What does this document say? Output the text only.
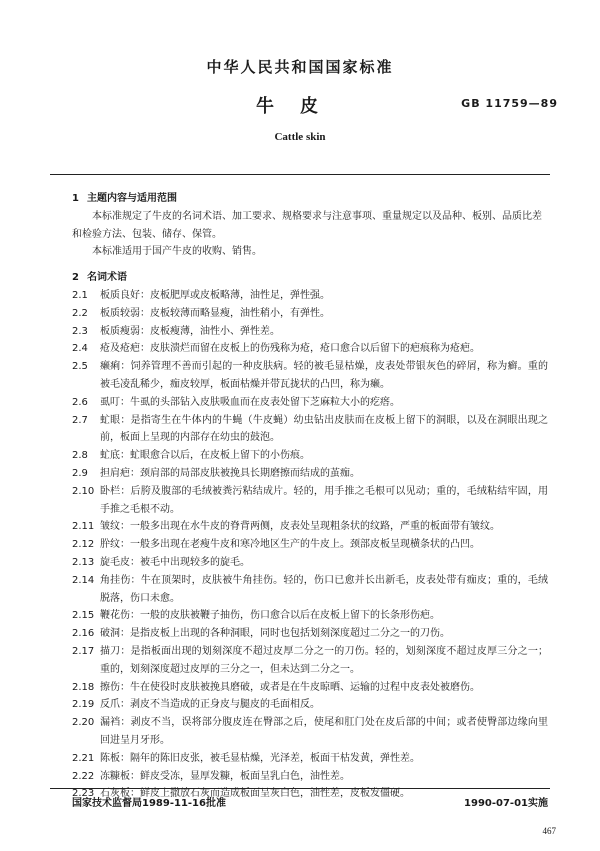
中华人民共和国国家标准
牛皮	GB 11759—89
Cattle skin

1 主题内容与适用范围

本标准规定了牛皮的名词术语、加工要求、规格要求与注意事项、重量规定以及品种、板别、品质比差和检验方法、包装、储存、保管。

本标准适用于国产牛皮的收购、销售。

2 名词术语

2.1 板质良好：皮板肥厚或皮板略薄，油性足，弹性强。

2.2 板质较弱：皮板较薄而略显瘦，油性稍小，有弹性。

2.3 板质瘦弱：皮板瘦薄，油性小、弹性差。

2.4 疮及疮疤：皮肤溃烂而留在皮板上的伤残称为疮，疮口愈合以后留下的疤痕称为疮疤。

2.5 癞痢：饲养管理不善而引起的一种皮肤病。轻的被毛显枯燥，皮表处带银灰色的碎屑，称为癣。重的被毛凌乱稀少，痂皮较厚，板面枯燥并带瓦拢状的凸凹，称为癞。

2.6 虱叮：牛虱的头部钻入皮肤吸血而在皮表处留下芝麻粒大小的疙瘩。

2.7 虻眼：是指寄生在牛体内的牛蝇（牛皮蝇）幼虫钻出皮肤而在皮板上留下的洞眼，以及在洞眼出现之前，板面上呈现的内部存在幼虫的鼓泡。

2.8 虻底：虻眼愈合以后，在皮板上留下的小伤痕。

2.9 担肩疤：颈肩部的局部皮肤被挽具长期磨擦而结成的茧痂。

2.10 卧栏：后胯及腹部的毛绒被粪污粘结成片。轻的，用手推之毛根可以见动；重的，毛绒粘结牢固，用手推之毛根不动。

2.11 皱纹：一般多出现在水牛皮的脊背两侧，皮表处呈现粗条状的纹路，严重的板面带有皱纹。

2.12 肸纹：一般多出现在老瘦牛皮和寒冷地区生产的牛皮上。颈部皮板呈现横条状的凸凹。

2.13 旋毛皮：被毛中出现较多的旋毛。

2.14 角挂伤：牛在顶架时，皮肤被牛角挂伤。轻的，伤口已愈并长出新毛，皮表处带有痂皮；重的，毛绒脱落，伤口未愈。

2.15 鞭花伤：一般的皮肤被鞭子抽伤，伤口愈合以后在皮板上留下的长条形伤疤。

2.16 破洞：是指皮板上出现的各种洞眼，同时也包括划刻深度超过二分之一的刀伤。

2.17 描刀：是指板面出现的划刻深度不超过皮厚二分之一的刀伤。轻的，划刻深度不超过皮厚三分之一；重的，划刻深度超过皮厚的三分之一，但未达到二分之一。

2.18 擦伤：牛在使役时皮肤被挽具磨破，或者是在牛皮晾晒、运输的过程中皮表处被磨伤。

2.19 反爪：剥皮不当造成的正身皮与腿皮的毛面相反。

2.20 漏裆：剥皮不当，误将部分腹皮连在臀部之后，使尾和肛门处在皮后部的中间；或者使臀部边缘向里回进呈月牙形。

2.21 陈板：隔年的陈旧皮张，被毛显枯燥，光泽差，板面干枯发黄，弹性差。

2.22 冻糠板：鲜皮受冻，显厚发糠，板面呈乳白色，油性差。

2.23 石灰板：鲜皮上撒放石灰而造成板面呈灰白色，油性差，皮板发僵硬。

国家技术监督局1989-11-16批准	1990-07-01实施
467
